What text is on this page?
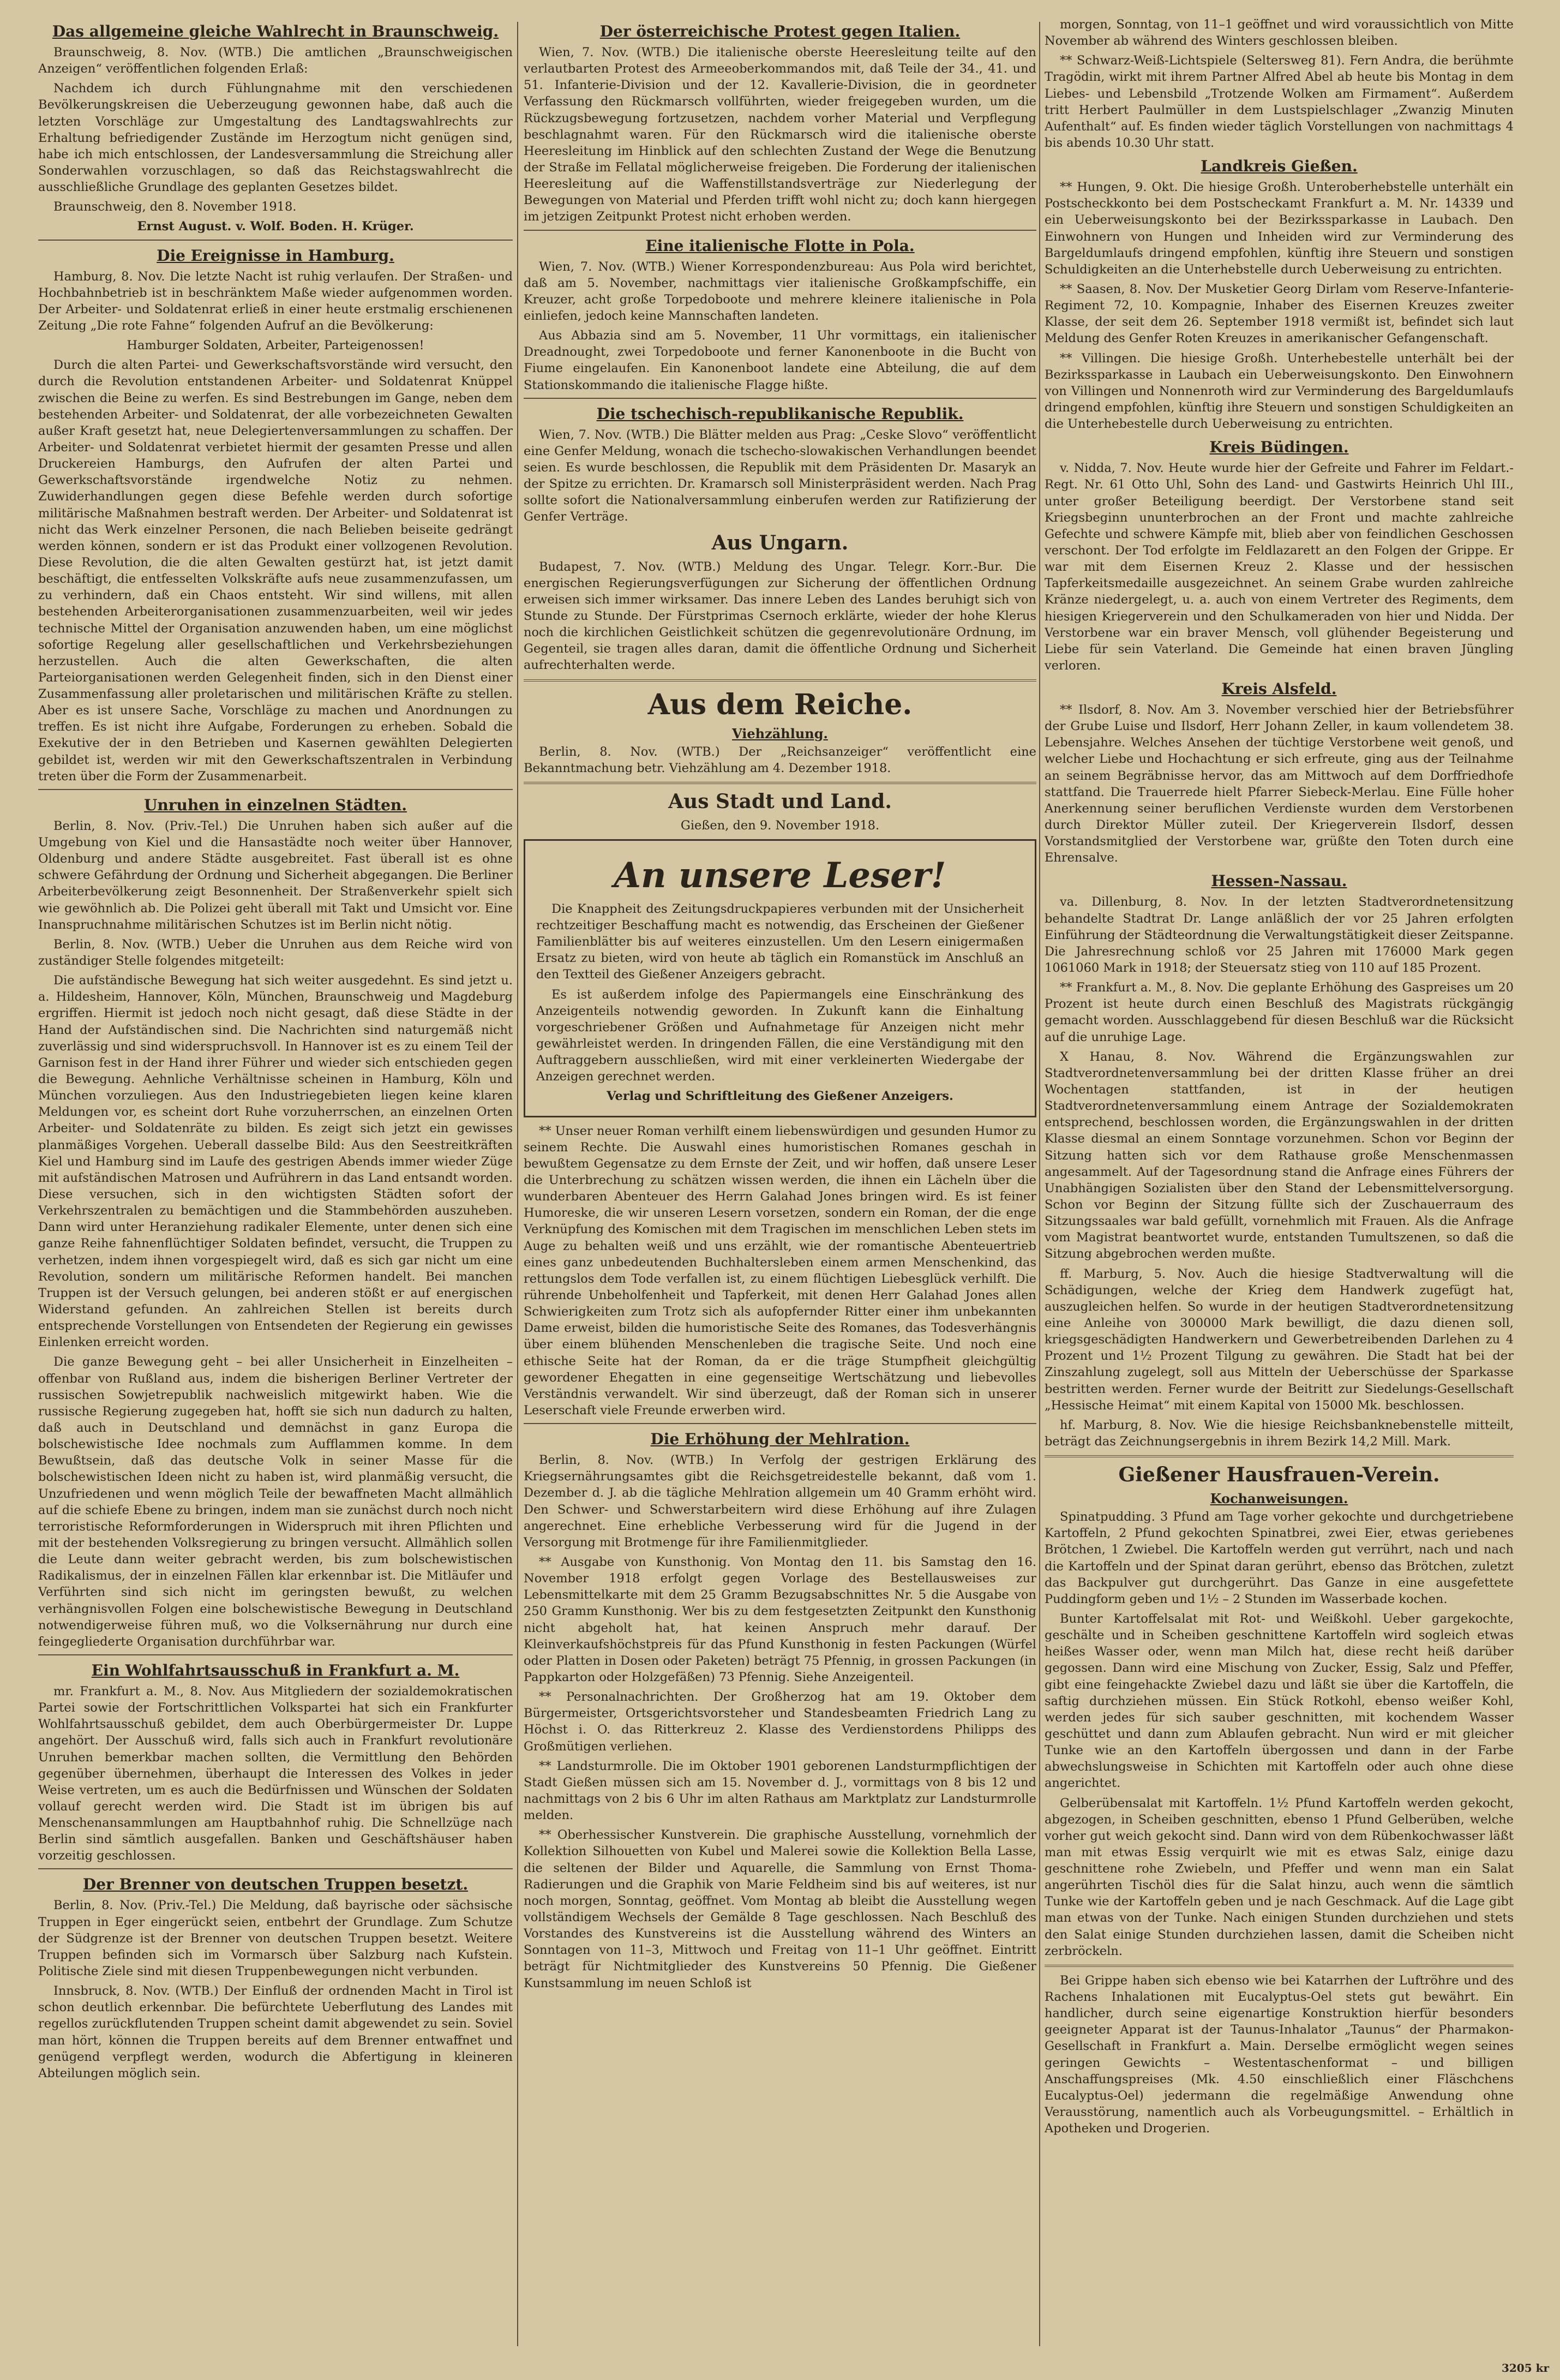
Das allgemeine gleiche Wahlrecht in Braunschweig.

Braunschweig, 8. Nov. (WTB.) Die amtlichen „Braunschweigischen Anzeigen“ veröffentlichen folgenden Erlaß:

Nachdem ich durch Fühlungnahme mit den verschiedenen Bevölkerungskreisen die Ueberzeugung gewonnen habe, daß auch die letzten Vorschläge zur Umgestaltung des Landtagswahlrechts zur Erhaltung befriedigender Zustände im Herzogtum nicht genügen sind, habe ich mich entschlossen, der Landesversammlung die Streichung aller Sonderwahlen vorzuschlagen, so daß das Reichstagswahlrecht die ausschließliche Grundlage des geplanten Gesetzes bildet.

Braunschweig, den 8. November 1918.

Ernst August. v. Wolf. Boden. H. Krüger.

Die Ereignisse in Hamburg.

Hamburg, 8. Nov. Die letzte Nacht ist ruhig verlaufen. Der Straßen- und Hochbahnbetrieb ist in beschränktem Maße wieder aufgenommen worden. Der Arbeiter- und Soldatenrat erließ in einer heute erstmalig erschienenen Zeitung „Die rote Fahne“ folgenden Aufruf an die Bevölkerung:

Hamburger Soldaten, Arbeiter, Parteigenossen!

Durch die alten Partei- und Gewerkschaftsvorstände wird versucht, den durch die Revolution entstandenen Arbeiter- und Soldatenrat Knüppel zwischen die Beine zu werfen. Es sind Bestrebungen im Gange, neben dem bestehenden Arbeiter- und Soldatenrat, der alle vorbezeichneten Gewalten außer Kraft gesetzt hat, neue Delegiertenversammlungen zu schaffen. Der Arbeiter- und Soldatenrat verbietet hiermit der gesamten Presse und allen Druckereien Hamburgs, den Aufrufen der alten Partei und Gewerkschaftsvorstände irgendwelche Notiz zu nehmen. Zuwiderhandlungen gegen diese Befehle werden durch sofortige militärische Maßnahmen bestraft werden. Der Arbeiter- und Soldatenrat ist nicht das Werk einzelner Personen, die nach Belieben beiseite gedrängt werden können, sondern er ist das Produkt einer vollzogenen Revolution. Diese Revolution, die die alten Gewalten gestürzt hat, ist jetzt damit beschäftigt, die entfesselten Volkskräfte aufs neue zusammenzufassen, um zu verhindern, daß ein Chaos entsteht. Wir sind willens, mit allen bestehenden Arbeiterorganisationen zusammenzuarbeiten, weil wir jedes technische Mittel der Organisation anzuwenden haben, um eine möglichst sofortige Regelung aller gesellschaftlichen und Verkehrsbeziehungen herzustellen. Auch die alten Gewerkschaften, die alten Parteiorganisationen werden Gelegenheit finden, sich in den Dienst einer Zusammenfassung aller proletarischen und militärischen Kräfte zu stellen. Aber es ist unsere Sache, Vorschläge zu machen und Anordnungen zu treffen. Es ist nicht ihre Aufgabe, Forderungen zu erheben. Sobald die Exekutive der in den Betrieben und Kasernen gewählten Delegierten gebildet ist, werden wir mit den Gewerkschaftszentralen in Verbindung treten über die Form der Zusammenarbeit.

Unruhen in einzelnen Städten.

Berlin, 8. Nov. (Priv.-Tel.) Die Unruhen haben sich außer auf die Umgebung von Kiel und die Hansastädte noch weiter über Hannover, Oldenburg und andere Städte ausgebreitet. Fast überall ist es ohne schwere Gefährdung der Ordnung und Sicherheit abgegangen. Die Berliner Arbeiterbevölkerung zeigt Besonnenheit. Der Straßenverkehr spielt sich wie gewöhnlich ab. Die Polizei geht überall mit Takt und Umsicht vor. Eine Inanspruchnahme militärischen Schutzes ist im Berlin nicht nötig.

Berlin, 8. Nov. (WTB.) Ueber die Unruhen aus dem Reiche wird von zuständiger Stelle folgendes mitgeteilt:

Die aufständische Bewegung hat sich weiter ausgedehnt. Es sind jetzt u. a. Hildesheim, Hannover, Köln, München, Braunschweig und Magdeburg ergriffen. Hiermit ist jedoch noch nicht gesagt, daß diese Städte in der Hand der Aufständischen sind. Die Nachrichten sind naturgemäß nicht zuverlässig und sind widerspruchsvoll. In Hannover ist es zu einem Teil der Garnison fest in der Hand ihrer Führer und wieder sich entschieden gegen die Bewegung. Aehnliche Verhältnisse scheinen in Hamburg, Köln und München vorzuliegen. Aus den Industriegebieten liegen keine klaren Meldungen vor, es scheint dort Ruhe vorzuherrschen, an einzelnen Orten Arbeiter- und Soldatenräte zu bilden. Es zeigt sich jetzt ein gewisses planmäßiges Vorgehen. Ueberall dasselbe Bild: Aus den Seestreitkräften Kiel und Hamburg sind im Laufe des gestrigen Abends immer wieder Züge mit aufständischen Matrosen und Aufrührern in das Land entsandt worden. Diese versuchen, sich in den wichtigsten Städten sofort der Verkehrszentralen zu bemächtigen und die Stammbehörden auszuheben. Dann wird unter Heranziehung radikaler Elemente, unter denen sich eine ganze Reihe fahnenflüchtiger Soldaten befindet, versucht, die Truppen zu verhetzen, indem ihnen vorgespiegelt wird, daß es sich gar nicht um eine Revolution, sondern um militärische Reformen handelt. Bei manchen Truppen ist der Versuch gelungen, bei anderen stößt er auf energischen Widerstand gefunden. An zahlreichen Stellen ist bereits durch entsprechende Vorstellungen von Entsendeten der Regierung ein gewisses Einlenken erreicht worden.

Die ganze Bewegung geht – bei aller Unsicherheit in Einzelheiten – offenbar von Rußland aus, indem die bisherigen Berliner Vertreter der russischen Sowjetrepublik nachweislich mitgewirkt haben. Wie die russische Regierung zugegeben hat, hofft sie sich nun dadurch zu halten, daß auch in Deutschland und demnächst in ganz Europa die bolschewistische Idee nochmals zum Aufflammen komme. In dem Bewußtsein, daß das deutsche Volk in seiner Masse für die bolschewistischen Ideen nicht zu haben ist, wird planmäßig versucht, die Unzufriedenen und wenn möglich Teile der bewaffneten Macht allmählich auf die schiefe Ebene zu bringen, indem man sie zunächst durch noch nicht terroristische Reformforderungen in Widerspruch mit ihren Pflichten und mit der bestehenden Volksregierung zu bringen versucht. Allmählich sollen die Leute dann weiter gebracht werden, bis zum bolschewistischen Radikalismus, der in einzelnen Fällen klar erkennbar ist. Die Mitläufer und Verführten sind sich nicht im geringsten bewußt, zu welchen verhängnisvollen Folgen eine bolschewistische Bewegung in Deutschland notwendigerweise führen muß, wo die Volksernährung nur durch eine feingegliederte Organisation durchführbar war.

Ein Wohlfahrtsausschuß in Frankfurt a. M.

mr. Frankfurt a. M., 8. Nov. Aus Mitgliedern der sozialdemokratischen Partei sowie der Fortschrittlichen Volkspartei hat sich ein Frankfurter Wohlfahrtsausschuß gebildet, dem auch Oberbürgermeister Dr. Luppe angehört. Der Ausschuß wird, falls sich auch in Frankfurt revolutionäre Unruhen bemerkbar machen sollten, die Vermittlung den Behörden gegenüber übernehmen, überhaupt die Interessen des Volkes in jeder Weise vertreten, um es auch die Bedürfnissen und Wünschen der Soldaten vollauf gerecht werden wird. Die Stadt ist im übrigen bis auf Menschenansammlungen am Hauptbahnhof ruhig. Die Schnellzüge nach Berlin sind sämtlich ausgefallen. Banken und Geschäftshäuser haben vorzeitig geschlossen.

Der Brenner von deutschen Truppen besetzt.

Berlin, 8. Nov. (Priv.-Tel.) Die Meldung, daß bayrische oder sächsische Truppen in Eger eingerückt seien, entbehrt der Grundlage. Zum Schutze der Südgrenze ist der Brenner von deutschen Truppen besetzt. Weitere Truppen befinden sich im Vormarsch über Salzburg nach Kufstein. Politische Ziele sind mit diesen Truppenbewegungen nicht verbunden.

Innsbruck, 8. Nov. (WTB.) Der Einfluß der ordnenden Macht in Tirol ist schon deutlich erkennbar. Die befürchtete Ueberflutung des Landes mit regellos zurückflutenden Truppen scheint damit abgewendet zu sein. Soviel man hört, können die Truppen bereits auf dem Brenner entwaffnet und genügend verpflegt werden, wodurch die Abfertigung in kleineren Abteilungen möglich sein.

Der österreichische Protest gegen Italien.

Wien, 7. Nov. (WTB.) Die italienische oberste Heeresleitung teilte auf den verlautbarten Protest des Armeeoberkommandos mit, daß Teile der 34., 41. und 51. Infanterie-Division und der 12. Kavallerie-Division, die in geordneter Verfassung den Rückmarsch vollführten, wieder freigegeben wurden, um die Rückzugsbewegung fortzusetzen, nachdem vorher Material und Verpflegung beschlagnahmt waren. Für den Rückmarsch wird die italienische oberste Heeresleitung im Hinblick auf den schlechten Zustand der Wege die Benutzung der Straße im Fellatal möglicherweise freigeben. Die Forderung der italienischen Heeresleitung auf die Waffenstillstandsverträge zur Niederlegung der Bewegungen von Material und Pferden trifft wohl nicht zu; doch kann hiergegen im jetzigen Zeitpunkt Protest nicht erhoben werden.

Eine italienische Flotte in Pola.

Wien, 7. Nov. (WTB.) Wiener Korrespondenzbureau: Aus Pola wird berichtet, daß am 5. November, nachmittags vier italienische Großkampfschiffe, ein Kreuzer, acht große Torpedoboote und mehrere kleinere italienische in Pola einliefen, jedoch keine Mannschaften landeten.

Aus Abbazia sind am 5. November, 11 Uhr vormittags, ein italienischer Dreadnought, zwei Torpedoboote und ferner Kanonenboote in die Bucht von Fiume eingelaufen. Ein Kanonenboot landete eine Abteilung, die auf dem Stationskommando die italienische Flagge hißte.

Die tschechisch-republikanische Republik.

Wien, 7. Nov. (WTB.) Die Blätter melden aus Prag: „Ceske Slovo“ veröffentlicht eine Genfer Meldung, wonach die tschecho-slowakischen Verhandlungen beendet seien. Es wurde beschlossen, die Republik mit dem Präsidenten Dr. Masaryk an der Spitze zu errichten. Dr. Kramarsch soll Ministerpräsident werden. Nach Prag sollte sofort die Nationalversammlung einberufen werden zur Ratifizierung der Genfer Verträge.

Aus Ungarn.

Budapest, 7. Nov. (WTB.) Meldung des Ungar. Telegr. Korr.-Bur. Die energischen Regierungsverfügungen zur Sicherung der öffentlichen Ordnung erweisen sich immer wirksamer. Das innere Leben des Landes beruhigt sich von Stunde zu Stunde. Der Fürstprimas Csernoch erklärte, wieder der hohe Klerus noch die kirchlichen Geistlichkeit schützen die gegenrevolutionäre Ordnung, im Gegenteil, sie tragen alles daran, damit die öffentliche Ordnung und Sicherheit aufrechterhalten werde.

Aus dem Reiche.
Viehzählung.

Berlin, 8. Nov. (WTB.) Der „Reichsanzeiger“ veröffentlicht eine Bekanntmachung betr. Viehzählung am 4. Dezember 1918.

Aus Stadt und Land.

Gießen, den 9. November 1918.

An unsere Leser!

Die Knappheit des Zeitungsdruckpapieres verbunden mit der Unsicherheit rechtzeitiger Beschaffung macht es notwendig, das Erscheinen der Gießener Familienblätter bis auf weiteres einzustellen. Um den Lesern einigermaßen Ersatz zu bieten, wird von heute ab täglich ein Romanstück im Anschluß an den Textteil des Gießener Anzeigers gebracht.

Es ist außerdem infolge des Papiermangels eine Einschränkung des Anzeigenteils notwendig geworden. In Zukunft kann die Einhaltung vorgeschriebener Größen und Aufnahmetage für Anzeigen nicht mehr gewährleistet werden. In dringenden Fällen, die eine Verständigung mit den Auftraggebern ausschließen, wird mit einer verkleinerten Wiedergabe der Anzeigen gerechnet werden.

Verlag und Schriftleitung des Gießener Anzeigers.

** Unser neuer Roman verhilft einem liebenswürdigen und gesunden Humor zu seinem Rechte. Die Auswahl eines humoristischen Romanes geschah in bewußtem Gegensatze zu dem Ernste der Zeit, und wir hoffen, daß unsere Leser die Unterbrechung zu schätzen wissen werden, die ihnen ein Lächeln über die wunderbaren Abenteuer des Herrn Galahad Jones bringen wird. Es ist feiner Humoreske, die wir unseren Lesern vorsetzen, sondern ein Roman, der die enge Verknüpfung des Komischen mit dem Tragischen im menschlichen Leben stets im Auge zu behalten weiß und uns erzählt, wie der romantische Abenteuertrieb eines ganz unbedeutenden Buchhaltersleben einem armen Menschenkind, das rettungslos dem Tode verfallen ist, zu einem flüchtigen Liebesglück verhilft. Die rührende Unbeholfenheit und Tapferkeit, mit denen Herr Galahad Jones allen Schwierigkeiten zum Trotz sich als aufopfernder Ritter einer ihm unbekannten Dame erweist, bilden die humoristische Seite des Romanes, das Todesverhängnis über einem blühenden Menschenleben die tragische Seite. Und noch eine ethische Seite hat der Roman, da er die träge Stumpfheit gleichgültig gewordener Ehegatten in eine gegenseitige Wertschätzung und liebevolles Verständnis verwandelt. Wir sind überzeugt, daß der Roman sich in unserer Leserschaft viele Freunde erwerben wird.

Die Erhöhung der Mehlration.

Berlin, 8. Nov. (WTB.) In Verfolg der gestrigen Erklärung des Kriegsernährungsamtes gibt die Reichsgetreidestelle bekannt, daß vom 1. Dezember d. J. ab die tägliche Mehlration allgemein um 40 Gramm erhöht wird. Den Schwer- und Schwerstarbeitern wird diese Erhöhung auf ihre Zulagen angerechnet. Eine erhebliche Verbesserung wird für die Jugend in der Versorgung mit Brotmenge für ihre Familienmitglieder.

** Ausgabe von Kunsthonig. Von Montag den 11. bis Samstag den 16. November 1918 erfolgt gegen Vorlage des Bestellausweises zur Lebensmittelkarte mit dem 25 Gramm Bezugsabschnittes Nr. 5 die Ausgabe von 250 Gramm Kunsthonig. Wer bis zu dem festgesetzten Zeitpunkt den Kunsthonig nicht abgeholt hat, hat keinen Anspruch mehr darauf. Der Kleinverkaufshöchstpreis für das Pfund Kunsthonig in festen Packungen (Würfel oder Platten in Dosen oder Paketen) beträgt 75 Pfennig, in grossen Packungen (in Pappkarton oder Holzgefäßen) 73 Pfennig. Siehe Anzeigenteil.

** Personalnachrichten. Der Großherzog hat am 19. Oktober dem Bürgermeister, Ortsgerichtsvorsteher und Standesbeamten Friedrich Lang zu Höchst i. O. das Ritterkreuz 2. Klasse des Verdienstordens Philipps des Großmütigen verliehen.

** Landsturmrolle. Die im Oktober 1901 geborenen Landsturmpflichtigen der Stadt Gießen müssen sich am 15. November d. J., vormittags von 8 bis 12 und nachmittags von 2 bis 6 Uhr im alten Rathaus am Marktplatz zur Landsturmrolle melden.

** Oberhessischer Kunstverein. Die graphische Ausstellung, vornehmlich der Kollektion Silhouetten von Kubel und Malerei sowie die Kollektion Bella Lasse, die seltenen der Bilder und Aquarelle, die Sammlung von Ernst Thoma-Radierungen und die Graphik von Marie Feldheim sind bis auf weiteres, ist nur noch morgen, Sonntag, geöffnet. Vom Montag ab bleibt die Ausstellung wegen vollständigem Wechsels der Gemälde 8 Tage geschlossen. Nach Beschluß des Vorstandes des Kunstvereins ist die Ausstellung während des Winters an Sonntagen von 11–3, Mittwoch und Freitag von 11–1 Uhr geöffnet. Eintritt beträgt für Nichtmitglieder des Kunstvereins 50 Pfennig. Die Gießener Kunstsammlung im neuen Schloß ist

morgen, Sonntag, von 11–1 geöffnet und wird voraussichtlich von Mitte November ab während des Winters geschlossen bleiben.

** Schwarz-Weiß-Lichtspiele (Seltersweg 81). Fern Andra, die berühmte Tragödin, wirkt mit ihrem Partner Alfred Abel ab heute bis Montag in dem Liebes- und Lebensbild „Trotzende Wolken am Firmament“. Außerdem tritt Herbert Paulmüller in dem Lustspielschlager „Zwanzig Minuten Aufenthalt“ auf. Es finden wieder täglich Vorstellungen von nachmittags 4 bis abends 10.30 Uhr statt.

Landkreis Gießen.

** Hungen, 9. Okt. Die hiesige Großh. Unteroberhebstelle unterhält ein Postscheckkonto bei dem Postscheckamt Frankfurt a. M. Nr. 14339 und ein Ueberweisungskonto bei der Bezirkssparkasse in Laubach. Den Einwohnern von Hungen und Inheiden wird zur Verminderung des Bargeldumlaufs dringend empfohlen, künftig ihre Steuern und sonstigen Schuldigkeiten an die Unterhebstelle durch Ueberweisung zu entrichten.

** Saasen, 8. Nov. Der Musketier Georg Dirlam vom Reserve-Infanterie-Regiment 72, 10. Kompagnie, Inhaber des Eisernen Kreuzes zweiter Klasse, der seit dem 26. September 1918 vermißt ist, befindet sich laut Meldung des Genfer Roten Kreuzes in amerikanischer Gefangenschaft.

** Villingen. Die hiesige Großh. Unterhebestelle unterhält bei der Bezirkssparkasse in Laubach ein Ueberweisungskonto. Den Einwohnern von Villingen und Nonnenroth wird zur Verminderung des Bargeldumlaufs dringend empfohlen, künftig ihre Steuern und sonstigen Schuldigkeiten an die Unterhebestelle durch Ueberweisung zu entrichten.

Kreis Büdingen.

v. Nidda, 7. Nov. Heute wurde hier der Gefreite und Fahrer im Feldart.-Regt. Nr. 61 Otto Uhl, Sohn des Land- und Gastwirts Heinrich Uhl III., unter großer Beteiligung beerdigt. Der Verstorbene stand seit Kriegsbeginn ununterbrochen an der Front und machte zahlreiche Gefechte und schwere Kämpfe mit, blieb aber von feindlichen Geschossen verschont. Der Tod erfolgte im Feldlazarett an den Folgen der Grippe. Er war mit dem Eisernen Kreuz 2. Klasse und der hessischen Tapferkeitsmedaille ausgezeichnet. An seinem Grabe wurden zahlreiche Kränze niedergelegt, u. a. auch von einem Vertreter des Regiments, dem hiesigen Kriegerverein und den Schulkameraden von hier und Nidda. Der Verstorbene war ein braver Mensch, voll glühender Begeisterung und Liebe für sein Vaterland. Die Gemeinde hat einen braven Jüngling verloren.

Kreis Alsfeld.

** Ilsdorf, 8. Nov. Am 3. November verschied hier der Betriebsführer der Grube Luise und Ilsdorf, Herr Johann Zeller, in kaum vollendetem 38. Lebensjahre. Welches Ansehen der tüchtige Verstorbene weit genoß, und welcher Liebe und Hochachtung er sich erfreute, ging aus der Teilnahme an seinem Begräbnisse hervor, das am Mittwoch auf dem Dorffriedhofe stattfand. Die Trauerrede hielt Pfarrer Siebeck-Merlau. Eine Fülle hoher Anerkennung seiner beruflichen Verdienste wurden dem Verstorbenen durch Direktor Müller zuteil. Der Kriegerverein Ilsdorf, dessen Vorstandsmitglied der Verstorbene war, grüßte den Toten durch eine Ehrensalve.

Hessen-Nassau.

va. Dillenburg, 8. Nov. In der letzten Stadtverordnetensitzung behandelte Stadtrat Dr. Lange anläßlich der vor 25 Jahren erfolgten Einführung der Städteordnung die Verwaltungstätigkeit dieser Zeitspanne. Die Jahresrechnung schloß vor 25 Jahren mit 176000 Mark gegen 1061060 Mark in 1918; der Steuersatz stieg von 110 auf 185 Prozent.

** Frankfurt a. M., 8. Nov. Die geplante Erhöhung des Gaspreises um 20 Prozent ist heute durch einen Beschluß des Magistrats rückgängig gemacht worden. Ausschlaggebend für diesen Beschluß war die Rücksicht auf die unruhige Lage.

X Hanau, 8. Nov. Während die Ergänzungswahlen zur Stadtverordnetenversammlung bei der dritten Klasse früher an drei Wochentagen stattfanden, ist in der heutigen Stadtverordnetenversammlung einem Antrage der Sozialdemokraten entsprechend, beschlossen worden, die Ergänzungswahlen in der dritten Klasse diesmal an einem Sonntage vorzunehmen. Schon vor Beginn der Sitzung hatten sich vor dem Rathause große Menschenmassen angesammelt. Auf der Tagesordnung stand die Anfrage eines Führers der Unabhängigen Sozialisten über den Stand der Lebensmittelversorgung. Schon vor Beginn der Sitzung füllte sich der Zuschauerraum des Sitzungssaales war bald gefüllt, vornehmlich mit Frauen. Als die Anfrage vom Magistrat beantwortet wurde, entstanden Tumultszenen, so daß die Sitzung abgebrochen werden mußte.

ff. Marburg, 5. Nov. Auch die hiesige Stadtverwaltung will die Schädigungen, welche der Krieg dem Handwerk zugefügt hat, auszugleichen helfen. So wurde in der heutigen Stadtverordnetensitzung eine Anleihe von 300000 Mark bewilligt, die dazu dienen soll, kriegsgeschädigten Handwerkern und Gewerbetreibenden Darlehen zu 4 Prozent und 1½ Prozent Tilgung zu gewähren. Die Stadt hat bei der Zinszahlung zugelegt, soll aus Mitteln der Ueberschüsse der Sparkasse bestritten werden. Ferner wurde der Beitritt zur Siedelungs-Gesellschaft „Hessische Heimat“ mit einem Kapital von 15000 Mk. beschlossen.

hf. Marburg, 8. Nov. Wie die hiesige Reichsbanknebenstelle mitteilt, beträgt das Zeichnungsergebnis in ihrem Bezirk 14,2 Mill. Mark.

Gießener Hausfrauen-Verein.
Kochanweisungen.

Spinatpudding. 3 Pfund am Tage vorher gekochte und durchgetriebene Kartoffeln, 2 Pfund gekochten Spinatbrei, zwei Eier, etwas geriebenes Brötchen, 1 Zwiebel. Die Kartoffeln werden gut verrührt, nach und nach die Kartoffeln und der Spinat daran gerührt, ebenso das Brötchen, zuletzt das Backpulver gut durchgerührt. Das Ganze in eine ausgefettete Puddingform geben und 1½ – 2 Stunden im Wasserbade kochen.

Bunter Kartoffelsalat mit Rot- und Weißkohl. Ueber gargekochte, geschälte und in Scheiben geschnittene Kartoffeln wird sogleich etwas heißes Wasser oder, wenn man Milch hat, diese recht heiß darüber gegossen. Dann wird eine Mischung von Zucker, Essig, Salz und Pfeffer, gibt eine feingehackte Zwiebel dazu und läßt sie über die Kartoffeln, die saftig durchziehen müssen. Ein Stück Rotkohl, ebenso weißer Kohl, werden jedes für sich sauber geschnitten, mit kochendem Wasser geschüttet und dann zum Ablaufen gebracht. Nun wird er mit gleicher Tunke wie an den Kartoffeln übergossen und dann in der Farbe abwechslungsweise in Schichten mit Kartoffeln oder auch ohne diese angerichtet.

Gelberübensalat mit Kartoffeln. 1½ Pfund Kartoffeln werden gekocht, abgezogen, in Scheiben geschnitten, ebenso 1 Pfund Gelberüben, welche vorher gut weich gekocht sind. Dann wird von dem Rübenkochwasser läßt man mit etwas Essig verquirlt wie mit es etwas Salz, einige dazu geschnittene rohe Zwiebeln, und Pfeffer und wenn man ein Salat angerührten Tischöl dies für die Salat hinzu, auch wenn die sämtlich Tunke wie der Kartoffeln geben und je nach Geschmack. Auf die Lage gibt man etwas von der Tunke. Nach einigen Stunden durchziehen und stets den Salat einige Stunden durchziehen lassen, damit die Scheiben nicht zerbröckeln.

Bei Grippe haben sich ebenso wie bei Katarrhen der Luftröhre und des Rachens Inhalationen mit Eucalyptus-Oel stets gut bewährt. Ein handlicher, durch seine eigenartige Konstruktion hierfür besonders geeigneter Apparat ist der Taunus-Inhalator „Taunus“ der Pharmakon-Gesellschaft in Frankfurt a. Main. Derselbe ermöglicht wegen seines geringen Gewichts – Westentaschenformat – und billigen Anschaffungspreises (Mk. 4.50 einschließlich einer Fläschchens Eucalyptus-Oel) jedermann die regelmäßige Anwendung ohne Verausstörung, namentlich auch als Vorbeugungsmittel. – Erhältlich in Apotheken und Drogerien.

3205 kr
